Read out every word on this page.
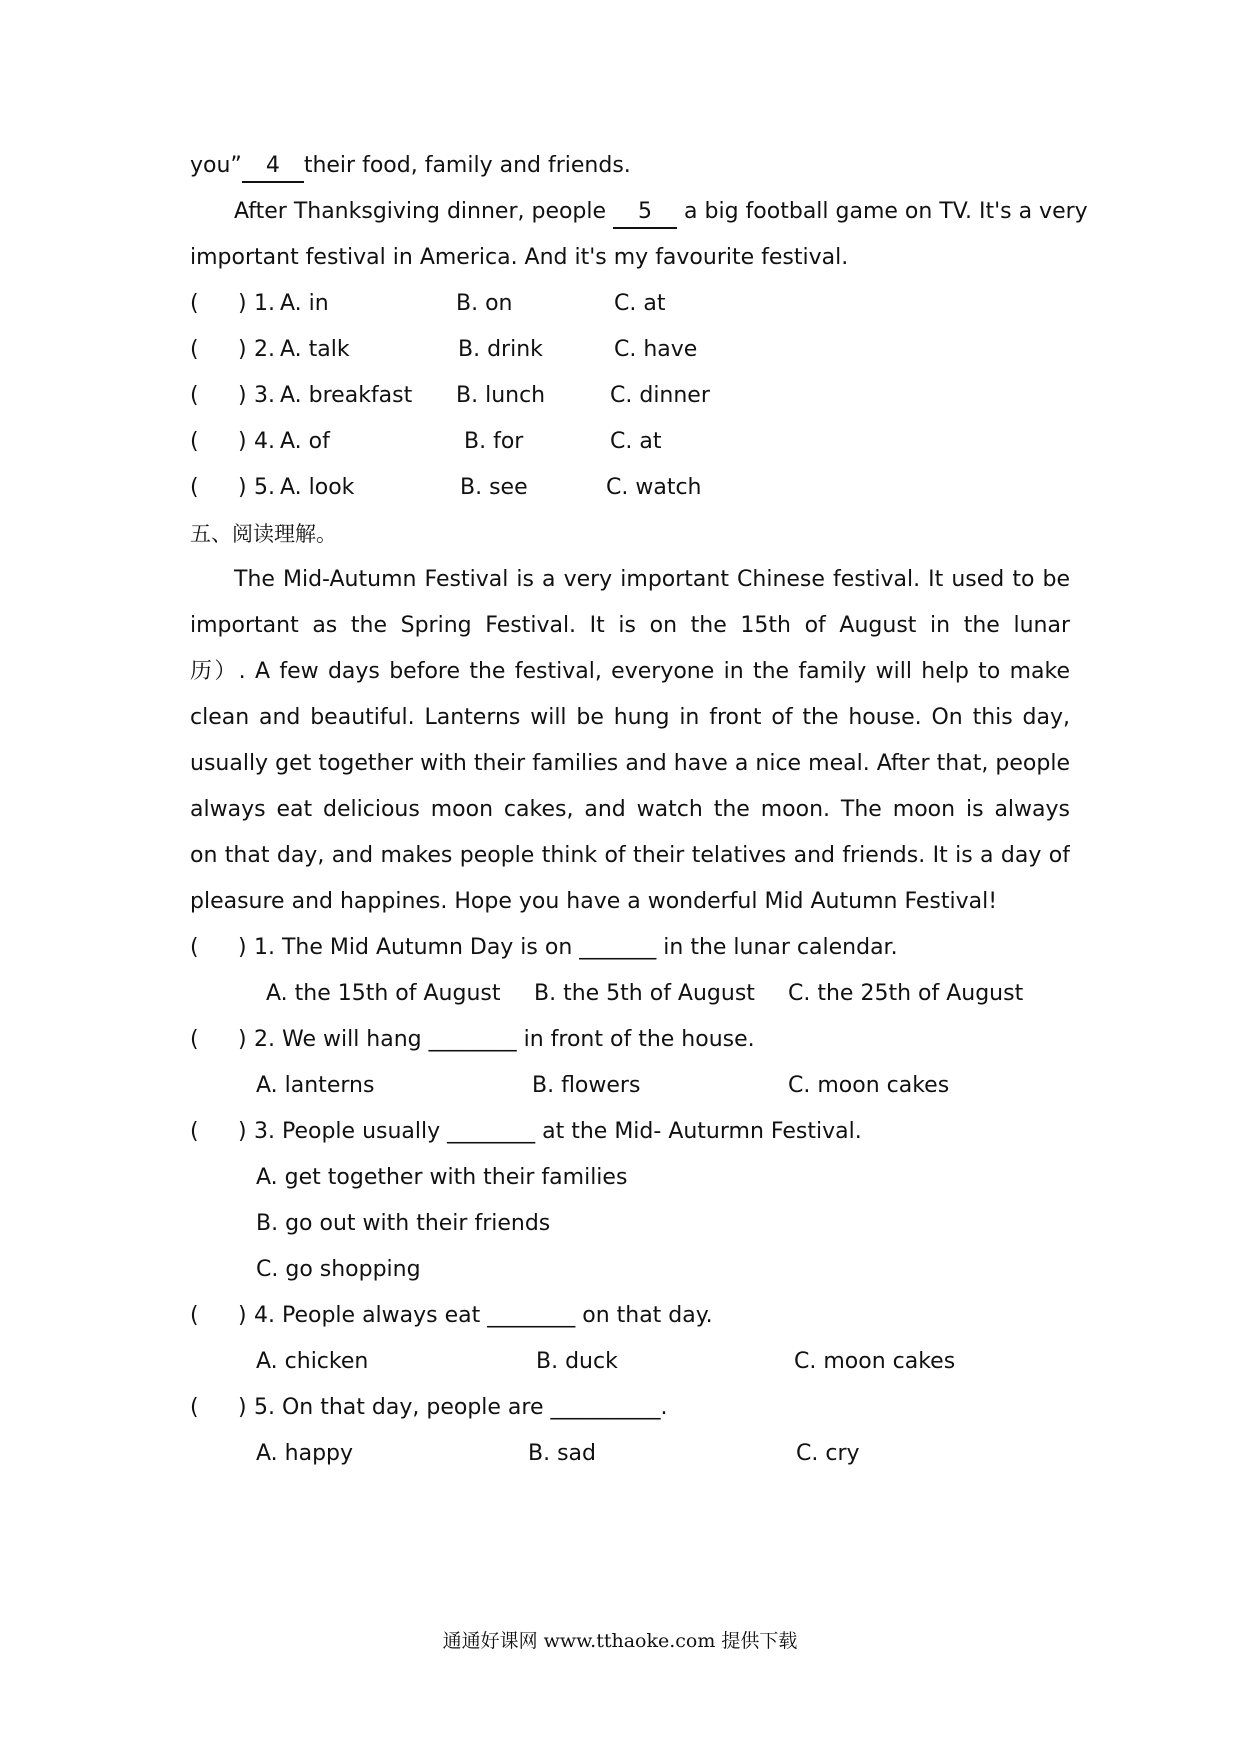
you” 4 their food, family and friends.
After Thanksgiving dinner, people 5 a big football game on TV. It's a very
important festival in America. And it's my favourite festival.
( ) 1. A. in	B. on	C. at
( ) 2. A. talk	B. drink	C. have
( ) 3. A. breakfast B. lunch	C. dinner
( ) 4. A. of	B. for	C. at
( ) 5. A. look	B. see	C. watch
五、阅读理解。
The Mid-Autumn Festival is a very important Chinese festival. It used to be
important as the Spring Festival. It is on the 15th of August in the lunar
历）. A few days before the festival, everyone in the family will help to make
clean and beautiful. Lanterns will be hung in front of the house. On this day,
usually get together with their families and have a nice meal. After that, people
always eat delicious moon cakes, and watch the moon. The moon is always
on that day, and makes people think of their telatives and friends. It is a day of
pleasure and happines. Hope you have a wonderful Mid Autumn Festival!
( ) 1. The Mid Autumn Day is on _______ in the lunar calendar.
A. the 15th of August B. the 5th of August C. the 25th of August
( ) 2. We will hang ________ in front of the house.
A. lanterns	B. flowers	C. moon cakes
( ) 3. People usually ________ at the Mid- Auturmn Festival.
A. get together with their families
B. go out with their friends
C. go shopping
( ) 4. People always eat ________ on that day.
A. chicken	B. duck	C. moon cakes
( ) 5. On that day, people are __________.
A. happy	B. sad	C. cry
通通好课网 www.tthaoke.com 提供下载
